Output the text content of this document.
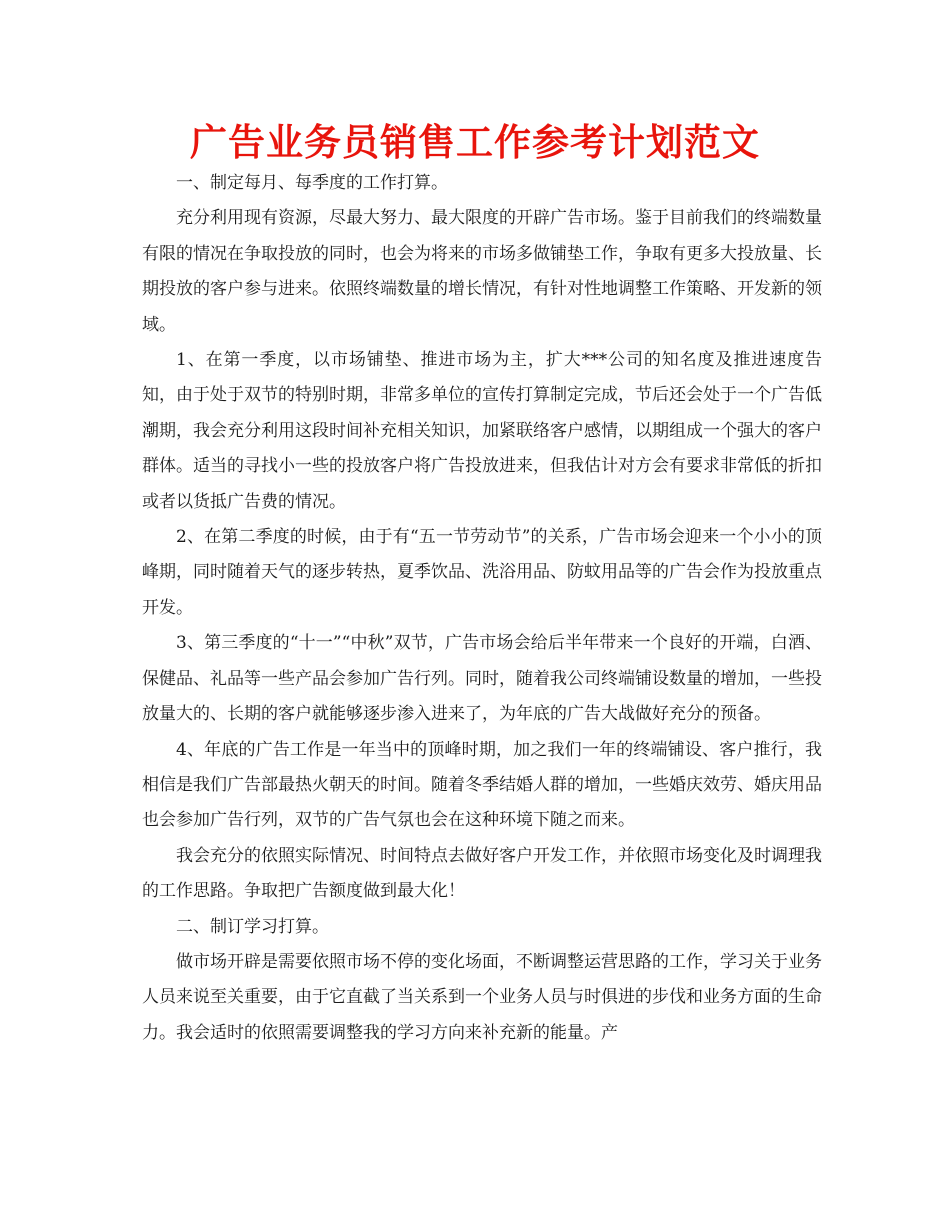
广告业务员销售工作参考计划范文

一、制定每月、每季度的工作打算。

充分利用现有资源，尽最大努力、最大限度的开辟广告市场。鉴于目前我们的终端数量有限的情况在争取投放的同时，也会为将来的市场多做铺垫工作，争取有更多大投放量、长期投放的客户参与进来。依照终端数量的增长情况，有针对性地调整工作策略、开发新的领域。

1、在第一季度，以市场铺垫、推进市场为主，扩大***公司的知名度及推进速度告知，由于处于双节的特别时期，非常多单位的宣传打算制定完成，节后还会处于一个广告低潮期，我会充分利用这段时间补充相关知识，加紧联络客户感情，以期组成一个强大的客户群体。适当的寻找小一些的投放客户将广告投放进来，但我估计对方会有要求非常低的折扣或者以货抵广告费的情况。

2、在第二季度的时候，由于有“五一节劳动节”的关系，广告市场会迎来一个小小的顶峰期，同时随着天气的逐步转热，夏季饮品、洗浴用品、防蚊用品等的广告会作为投放重点开发。

3、第三季度的“十一”“中秋”双节，广告市场会给后半年带来一个良好的开端，白酒、保健品、礼品等一些产品会参加广告行列。同时，随着我公司终端铺设数量的增加，一些投放量大的、长期的客户就能够逐步渗入进来了，为年底的广告大战做好充分的预备。

4、年底的广告工作是一年当中的顶峰时期，加之我们一年的终端铺设、客户推行，我相信是我们广告部最热火朝天的时间。随着冬季结婚人群的增加，一些婚庆效劳、婚庆用品也会参加广告行列，双节的广告气氛也会在这种环境下随之而来。

我会充分的依照实际情况、时间特点去做好客户开发工作，并依照市场变化及时调理我的工作思路。争取把广告额度做到最大化！

二、制订学习打算。

做市场开辟是需要依照市场不停的变化场面，不断调整运营思路的工作，学习关于业务人员来说至关重要，由于它直截了当关系到一个业务人员与时俱进的步伐和业务方面的生命力。我会适时的依照需要调整我的学习方向来补充新的能量。产
